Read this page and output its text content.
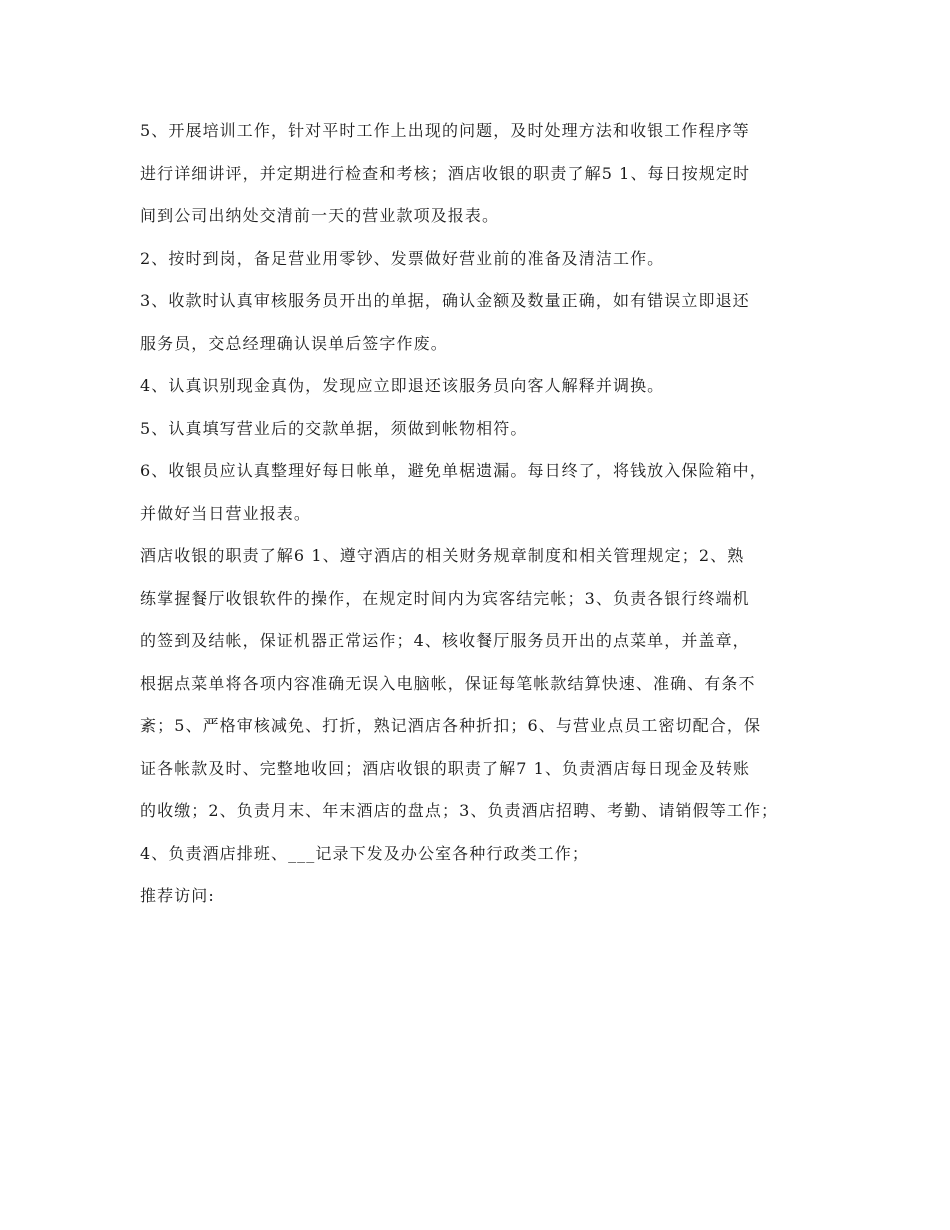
5、开展培训工作，针对平时工作上出现的问题，及时处理方法和收银工作程序等
进行详细讲评，并定期进行检查和考核；酒店收银的职责了解5 1、每日按规定时
间到公司出纳处交清前一天的营业款项及报表。
2、按时到岗，备足营业用零钞、发票做好营业前的准备及清洁工作。
3、收款时认真审核服务员开出的单据，确认金额及数量正确，如有错误立即退还
服务员，交总经理确认误单后签字作废。
4、认真识别现金真伪，发现应立即退还该服务员向客人解释并调换。
5、认真填写营业后的交款单据，须做到帐物相符。
6、收银员应认真整理好每日帐单，避免单椐遗漏。每日终了，将钱放入保险箱中，
并做好当日营业报表。
酒店收银的职责了解6 1、遵守酒店的相关财务规章制度和相关管理规定；2、熟
练掌握餐厅收银软件的操作，在规定时间内为宾客结完帐；3、负责各银行终端机
的签到及结帐，保证机器正常运作；4、核收餐厅服务员开出的点菜单，并盖章，
根据点菜单将各项内容准确无误入电脑帐，保证每笔帐款结算快速、准确、有条不
紊；5、严格审核减免、打折，熟记酒店各种折扣；6、与营业点员工密切配合，保
证各帐款及时、完整地收回；酒店收银的职责了解7 1、负责酒店每日现金及转账
的收缴；2、负责月末、年末酒店的盘点；3、负责酒店招聘、考勤、请销假等工作；
4、负责酒店排班、___记录下发及办公室各种行政类工作；
推荐访问:
